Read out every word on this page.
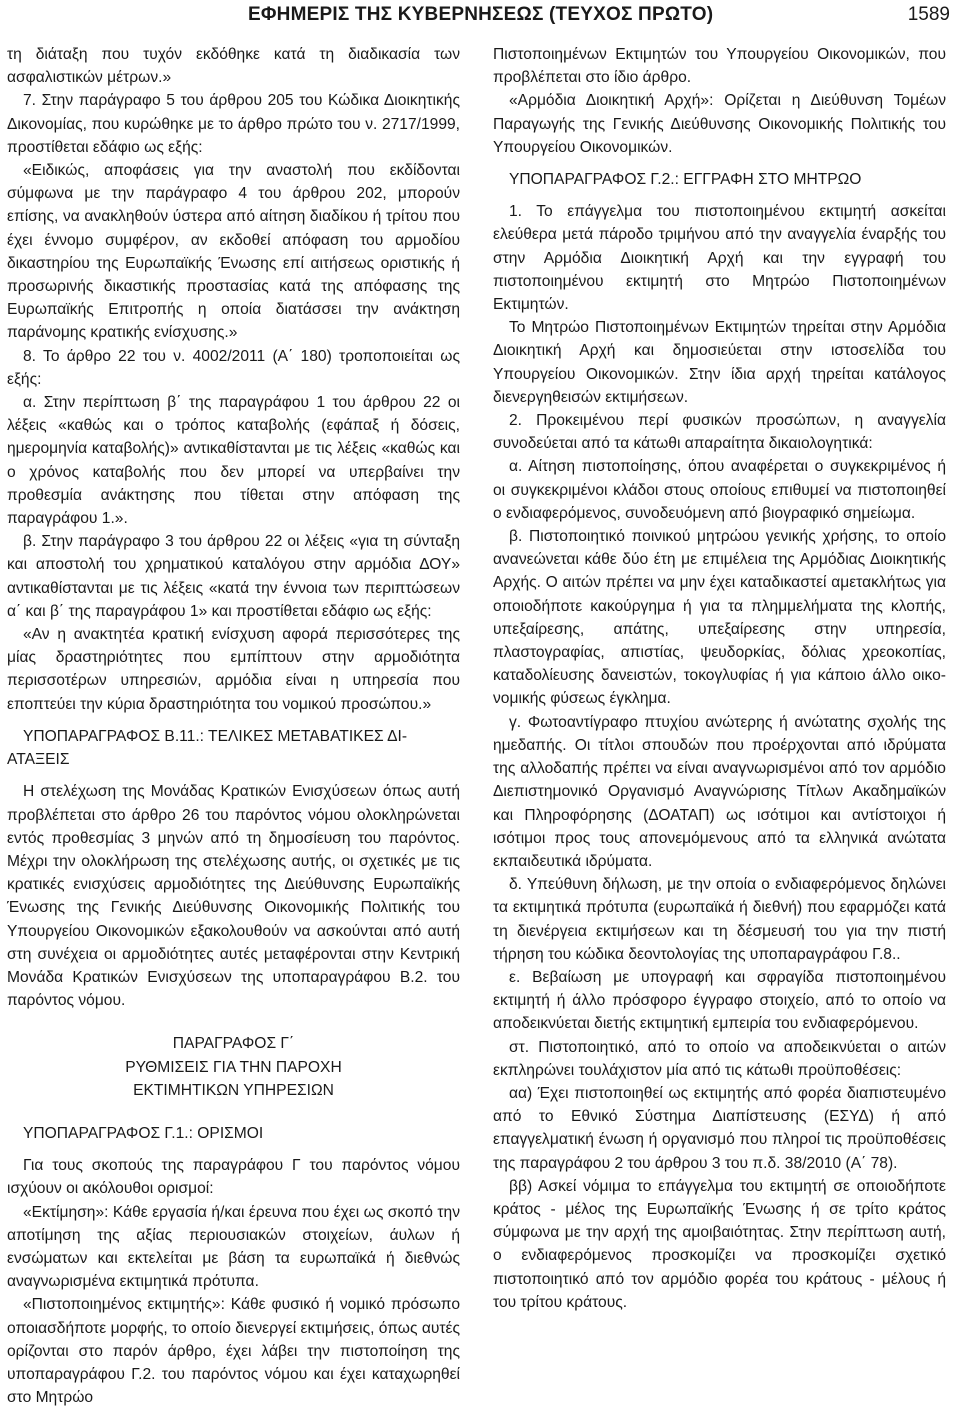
ΕΦΗΜΕΡΙΣ ΤΗΣ ΚΥΒΕΡΝΗΣΕΩΣ (ΤΕΥΧΟΣ ΠΡΩΤΟ)	1589

τη διάταξη που τυχόν εκδόθηκε κατά τη διαδικασία των ασφαλιστικών μέτρων.»

7. Στην παράγραφο 5 του άρθρου 205 του Κώδικα Διοικητικής Δικονομίας, που κυρώθηκε με το άρθρο πρώτο του ν. 2717/1999, προστίθεται εδάφιο ως εξής:

«Ειδικώς, αποφάσεις για την αναστολή που εκδίδονται σύμφωνα με την παράγραφο 4 του άρθρου 202, μπορούν επίσης, να ανακληθούν ύστερα από αίτηση διαδίκου ή τρίτου που έχει έννομο συμφέρον, αν εκδοθεί απόφαση του αρμοδίου δικαστηρίου της Ευρωπαϊκής Ένωσης επί αιτήσεως οριστικής ή προσωρινής δικαστικής προστασίας κατά της απόφασης της Ευρωπαϊκής Επιτροπής η οποία διατάσσει την ανάκτηση παράνομης κρατικής ενίσχυσης.»

8. Το άρθρο 22 του ν. 4002/2011 (Α΄ 180) τροποποιείται ως εξής:

α. Στην περίπτωση β΄ της παραγράφου 1 του άρθρου 22 οι λέξεις «καθώς και ο τρόπος καταβολής (εφάπαξ ή δόσεις, ημερομηνία καταβολής)» αντικαθίστανται με τις λέξεις «καθώς και ο χρόνος καταβολής που δεν μπορεί να υπερβαίνει την προθεσμία ανάκτησης που τίθεται στην απόφαση της παραγράφου 1.».

β. Στην παράγραφο 3 του άρθρου 22 οι λέξεις «για τη σύνταξη και αποστολή του χρηματικού καταλόγου στην αρμόδια ΔΟΥ» αντικαθίστανται με τις λέξεις «κατά την έννοια των περιπτώσεων α΄ και β΄ της παραγράφου 1» και προστίθεται εδάφιο ως εξής:

«Αν η ανακτητέα κρατική ενίσχυση αφορά περισσότερες της μίας δραστηριότητες που εμπίπτουν στην αρμοδιότητα περισσοτέρων υπηρεσιών, αρμόδια είναι η υπηρεσία που εποπτεύει την κύρια δραστηριότητα του νομικού προσώπου.»

ΥΠΟΠΑΡΑΓΡΑΦΟΣ Β.11.: ΤΕΛΙΚΕΣ ΜΕΤΑΒΑΤΙΚΕΣ ΔΙΑΤΑΞΕΙΣ

Η στελέχωση της Μονάδας Κρατικών Ενισχύσεων όπως αυτή προβλέπεται στο άρθρο 26 του παρόντος νόμου ολοκληρώνεται εντός προθεσμίας 3 μηνών από τη δημοσίευση του παρόντος. Μέχρι την ολοκλήρωση της στελέχωσης αυτής, οι σχετικές με τις κρατικές ενισχύσεις αρμοδιότητες της Διεύθυνσης Ευρωπαϊκής Ένωσης της Γενικής Διεύθυνσης Οικονομικής Πολιτικής του Υπουργείου Οικονομικών εξακολουθούν να ασκούνται από αυτή στη συνέχεια οι αρμοδιότητες αυτές μεταφέρονται στην Κεντρική Μονάδα Κρατικών Ενισχύσεων της υποπαραγράφου Β.2. του παρόντος νόμου.

ΠΑΡΑΓΡΑΦΟΣ Γ΄

ΡΥΘΜΙΣΕΙΣ ΓΙΑ ΤΗΝ ΠΑΡΟΧΗ

ΕΚΤΙΜΗΤΙΚΩΝ ΥΠΗΡΕΣΙΩΝ

ΥΠΟΠΑΡΑΓΡΑΦΟΣ Γ.1.: ΟΡΙΣΜΟΙ

Για τους σκοπούς της παραγράφου Γ του παρόντος νόμου ισχύουν οι ακόλουθοι ορισμοί:

«Εκτίμηση»: Κάθε εργασία ή/και έρευνα που έχει ως σκοπό την αποτίμηση της αξίας περιουσιακών στοιχείων, άυλων ή ενσώματων και εκτελείται με βάση τα ευρωπαϊκά ή διεθνώς αναγνωρισμένα εκτιμητικά πρότυπα.

«Πιστοποιημένος εκτιμητής»: Κάθε φυσικό ή νομικό πρόσωπο οποιασδήποτε μορφής, το οποίο διενεργεί εκτιμήσεις, όπως αυτές ορίζονται στο παρόν άρθρο, έχει λάβει την πιστοποίηση της υποπαραγράφου Γ.2. του παρόντος νόμου και έχει καταχωρηθεί στο Μητρώο

Πιστοποιημένων Εκτιμητών του Υπουργείου Οικονομικών, που προβλέπεται στο ίδιο άρθρο.

«Αρμόδια Διοικητική Αρχή»: Ορίζεται η Διεύθυνση Τομέων Παραγωγής της Γενικής Διεύθυνσης Οικονομικής Πολιτικής του Υπουργείου Οικονομικών.

ΥΠΟΠΑΡΑΓΡΑΦΟΣ Γ.2.: ΕΓΓΡΑΦΗ ΣΤΟ ΜΗΤΡΩΟ

1. Το επάγγελμα του πιστοποιημένου εκτιμητή ασκείται ελεύθερα μετά πάροδο τριμήνου από την αναγγελία έναρξής του στην Αρμόδια Διοικητική Αρχή και την εγγραφή του πιστοποιημένου εκτιμητή στο Μητρώο Πιστοποιημένων Εκτιμητών.

Το Μητρώο Πιστοποιημένων Εκτιμητών τηρείται στην Αρμόδια Διοικητική Αρχή και δημοσιεύεται στην ιστοσελίδα του Υπουργείου Οικονομικών. Στην ίδια αρχή τηρείται κατάλογος διενεργηθεισών εκτιμήσεων.

2. Προκειμένου περί φυσικών προσώπων, η αναγγελία συνοδεύεται από τα κάτωθι απαραίτητα δικαιολογητικά:

α. Αίτηση πιστοποίησης, όπου αναφέρεται ο συγκεκριμένος ή οι συγκεκριμένοι κλάδοι στους οποίους επιθυμεί να πιστοποιηθεί ο ενδιαφερόμενος, συνοδευόμενη από βιογραφικό σημείωμα.

β. Πιστοποιητικό ποινικού μητρώου γενικής χρήσης, το οποίο ανανεώνεται κάθε δύο έτη με επιμέλεια της Αρμόδιας Διοικητικής Αρχής. Ο αιτών πρέπει να μην έχει καταδικαστεί αμετακλήτως για οποιοδήποτε κακούργημα ή για τα πλημμελήματα της κλοπής, υπεξαίρεσης, απάτης, υπεξαίρεσης στην υπηρεσία, πλαστογραφίας, απιστίας, ψευδορκίας, δόλιας χρεοκοπίας, καταδολίευσης δανειστών, τοκογλυφίας ή για κάποιο άλλο οικονομικής φύσεως έγκλημα.

γ. Φωτοαντίγραφο πτυχίου ανώτερης ή ανώτατης σχολής της ημεδαπής. Οι τίτλοι σπουδών που προέρχονται από ιδρύματα της αλλοδαπής πρέπει να είναι αναγνωρισμένοι από τον αρμόδιο Διεπιστημονικό Οργανισμό Αναγνώρισης Τίτλων Ακαδημαϊκών και Πληροφόρησης (ΔΟΑΤΑΠ) ως ισότιμοι και αντίστοιχοι ή ισότιμοι προς τους απονεμόμενους από τα ελληνικά ανώτατα εκπαιδευτικά ιδρύματα.

δ. Υπεύθυνη δήλωση, με την οποία ο ενδιαφερόμενος δηλώνει τα εκτιμητικά πρότυπα (ευρωπαϊκά ή διεθνή) που εφαρμόζει κατά τη διενέργεια εκτιμήσεων και τη δέσμευσή του για την πιστή τήρηση του κώδικα δεοντολογίας της υποπαραγράφου Γ.8..

ε. Βεβαίωση με υπογραφή και σφραγίδα πιστοποιημένου εκτιμητή ή άλλο πρόσφορο έγγραφο στοιχείο, από το οποίο να αποδεικνύεται διετής εκτιμητική εμπειρία του ενδιαφερόμενου.

στ. Πιστοποιητικό, από το οποίο να αποδεικνύεται ο αιτών εκπληρώνει τουλάχιστον μία από τις κάτωθι προϋποθέσεις:

αα) Έχει πιστοποιηθεί ως εκτιμητής από φορέα διαπιστευμένο από το Εθνικό Σύστημα Διαπίστευσης (ΕΣΥΔ) ή από επαγγελματική ένωση ή οργανισμό που πληροί τις προϋποθέσεις της παραγράφου 2 του άρθρου 3 του π.δ. 38/2010 (Α΄ 78).

ββ) Ασκεί νόμιμα το επάγγελμα του εκτιμητή σε οποιοδήποτε κράτος - μέλος της Ευρωπαϊκής Ένωσης ή σε τρίτο κράτος σύμφωνα με την αρχή της αμοιβαιότητας. Στην περίπτωση αυτή, ο ενδιαφερόμενος προσκομίζει να προσκομίζει σχετικό πιστοποιητικό από τον αρμόδιο φορέα του κράτους - μέλους ή του τρίτου κράτους.
